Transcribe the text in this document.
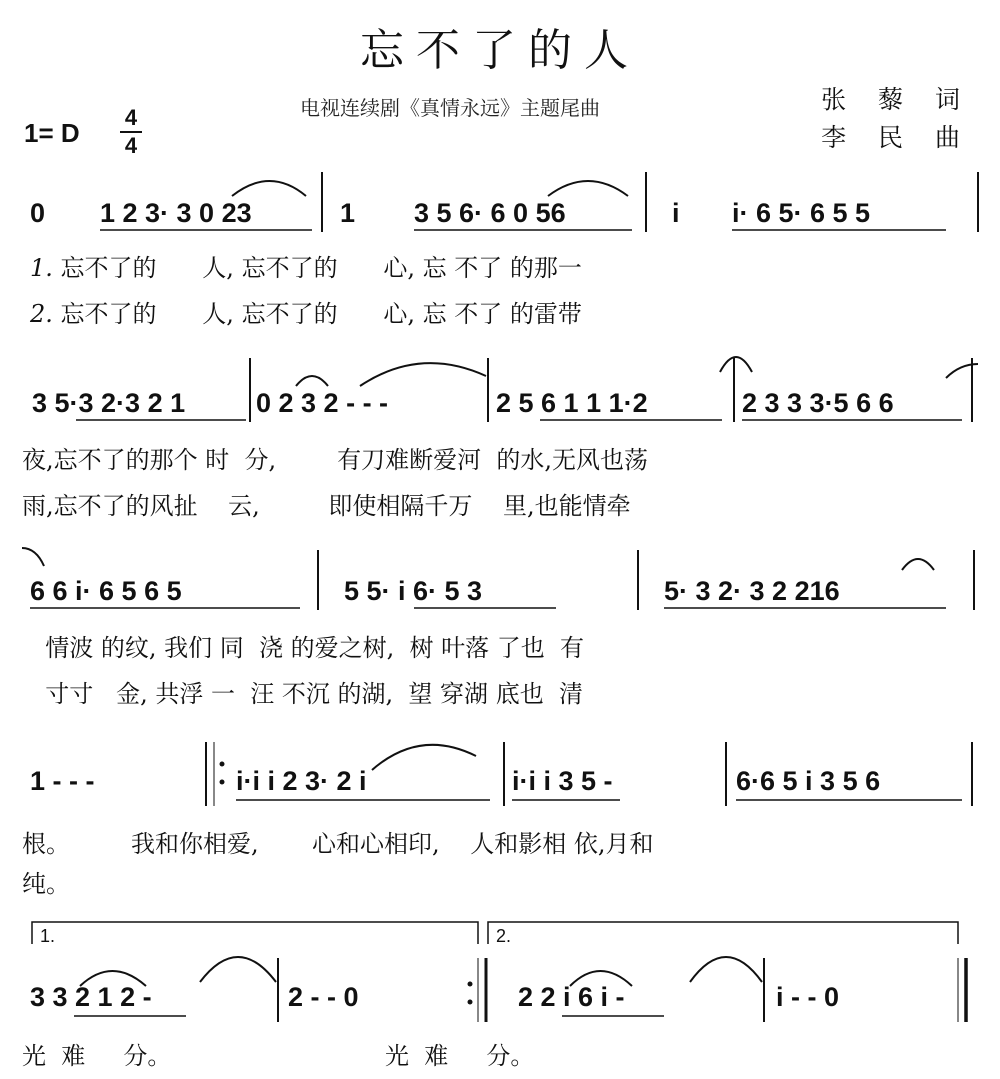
忘不了的人
电视连续剧《真情永远》主题尾曲	张 藜 词
李 民 曲
1= D
4
4
0 1 2 3· 3 0 23	1 3 5 6· 6 0 56	i i· 6 5· 6 5 5
3 5·3 2·3 2 1	0 2 3 2 - - -	2 5 6 1 1 1·2	2 3 3 3·5 6 6
6 6 i· 6 5 6 5	5 5· i 6· 5 3	5· 3 2· 3 2 216
1 - - -	i·i i 2 3· 2 i	i·i i 3 5 -	6·6 5 i 3 5 6
1.	2.
3 3 2 1 2 -	2 - - 0	2 2 i 6 i -	i - - 0
1. 忘不了的      人, 忘不了的      心, 忘 不了 的那一
2. 忘不了的      人, 忘不了的      心, 忘 不了 的雷带
夜,忘不了的那个 时  分,        有刀难断爱河  的水,无风也荡
雨,忘不了的风扯    云,         即使相隔千万    里,也能情牵
情波 的纹, 我们 同  浇 的爱之树,  树 叶落 了也  有
寸寸   金, 共浮 一  汪 不沉 的湖,  望 穿湖 底也  清
根。        我和你相爱,       心和心相印,    人和影相 依,月和
纯。
光  难     分。                            光  难     分。
